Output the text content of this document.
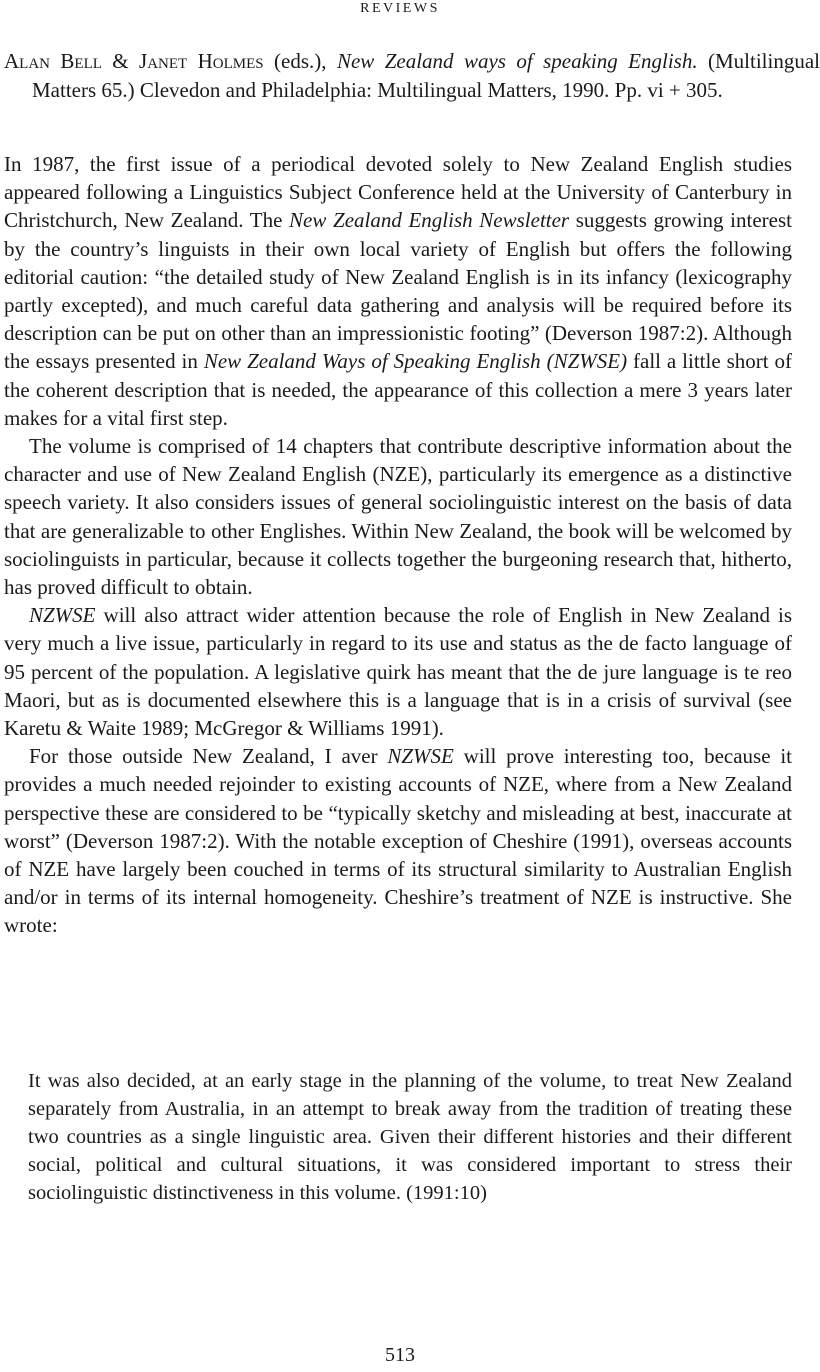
REVIEWS
Alan Bell & Janet Holmes (eds.), New Zealand ways of speaking English. (Multilingual Matters 65.) Clevedon and Philadelphia: Multilingual Matters, 1990. Pp. vi + 305.

In 1987, the first issue of a periodical devoted solely to New Zealand English studies appeared following a Linguistics Subject Conference held at the University of Canterbury in Christchurch, New Zealand. The New Zealand English Newsletter suggests growing interest by the country’s linguists in their own local variety of English but offers the following editorial caution: “the detailed study of New Zealand English is in its infancy (lexicography partly excepted), and much careful data gathering and analysis will be required before its description can be put on other than an impressionistic footing” (Deverson 1987:2). Although the essays presented in New Zealand Ways of Speaking English (NZWSE) fall a little short of the coherent description that is needed, the appearance of this collection a mere 3 years later makes for a vital first step.

The volume is comprised of 14 chapters that contribute descriptive information about the character and use of New Zealand English (NZE), particularly its emergence as a distinctive speech variety. It also considers issues of general sociolinguistic interest on the basis of data that are generalizable to other Englishes. Within New Zealand, the book will be welcomed by sociolinguists in particular, because it collects together the burgeoning research that, hitherto, has proved difficult to obtain.

NZWSE will also attract wider attention because the role of English in New Zealand is very much a live issue, particularly in regard to its use and status as the de facto language of 95 percent of the population. A legislative quirk has meant that the de jure language is te reo Maori, but as is documented elsewhere this is a language that is in a crisis of survival (see Karetu & Waite 1989; McGregor & Williams 1991).

For those outside New Zealand, I aver NZWSE will prove interesting too, because it provides a much needed rejoinder to existing accounts of NZE, where from a New Zealand perspective these are considered to be “typically sketchy and misleading at best, inaccurate at worst” (Deverson 1987:2). With the notable exception of Cheshire (1991), overseas accounts of NZE have largely been couched in terms of its structural similarity to Australian English and/or in terms of its internal homogeneity. Cheshire’s treatment of NZE is instructive. She wrote:

It was also decided, at an early stage in the planning of the volume, to treat New Zealand separately from Australia, in an attempt to break away from the tradition of treating these two countries as a single linguistic area. Given their different histories and their different social, political and cultural situations, it was considered important to stress their sociolinguistic distinctiveness in this volume. (1991:10)

513
